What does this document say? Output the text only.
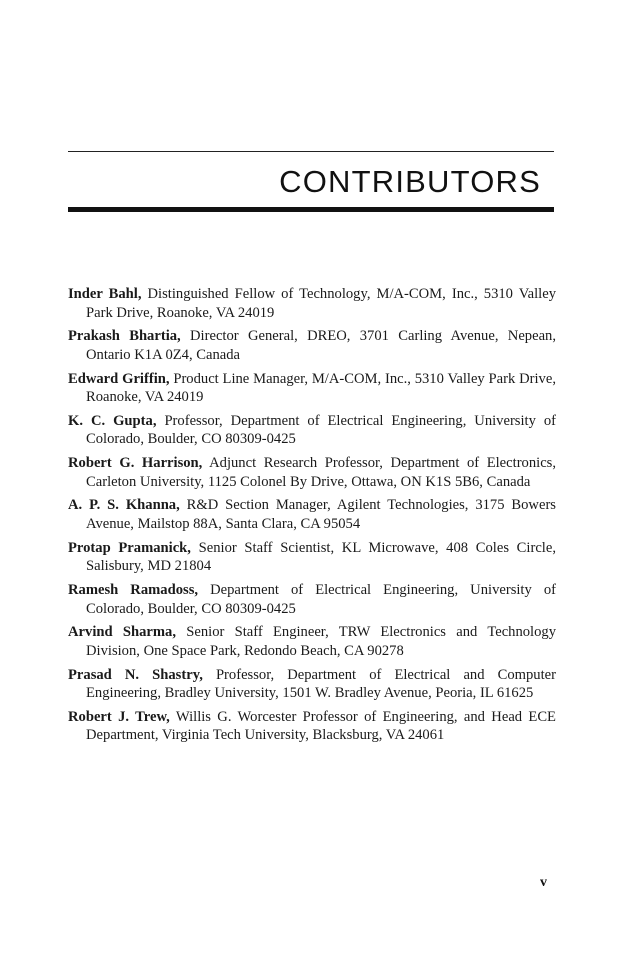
CONTRIBUTORS

Inder Bahl, Distinguished Fellow of Technology, M/A-COM, Inc., 5310 Valley Park Drive, Roanoke, VA 24019

Prakash Bhartia, Director General, DREO, 3701 Carling Avenue, Nepean, Ontario K1A 0Z4, Canada

Edward Griffin, Product Line Manager, M/A-COM, Inc., 5310 Valley Park Drive, Roanoke, VA 24019

K. C. Gupta, Professor, Department of Electrical Engineering, University of Colorado, Boulder, CO 80309-0425

Robert G. Harrison, Adjunct Research Professor, Department of Electronics, Carleton University, 1125 Colonel By Drive, Ottawa, ON K1S 5B6, Canada

A. P. S. Khanna, R&D Section Manager, Agilent Technologies, 3175 Bowers Avenue, Mailstop 88A, Santa Clara, CA 95054

Protap Pramanick, Senior Staff Scientist, KL Microwave, 408 Coles Circle, Salisbury, MD 21804

Ramesh Ramadoss, Department of Electrical Engineering, University of Colorado, Boulder, CO 80309-0425

Arvind Sharma, Senior Staff Engineer, TRW Electronics and Technology Division, One Space Park, Redondo Beach, CA 90278

Prasad N. Shastry, Professor, Department of Electrical and Computer Engineering, Bradley University, 1501 W. Bradley Avenue, Peoria, IL 61625

Robert J. Trew, Willis G. Worcester Professor of Engineering, and Head ECE Department, Virginia Tech University, Blacksburg, VA 24061

v
